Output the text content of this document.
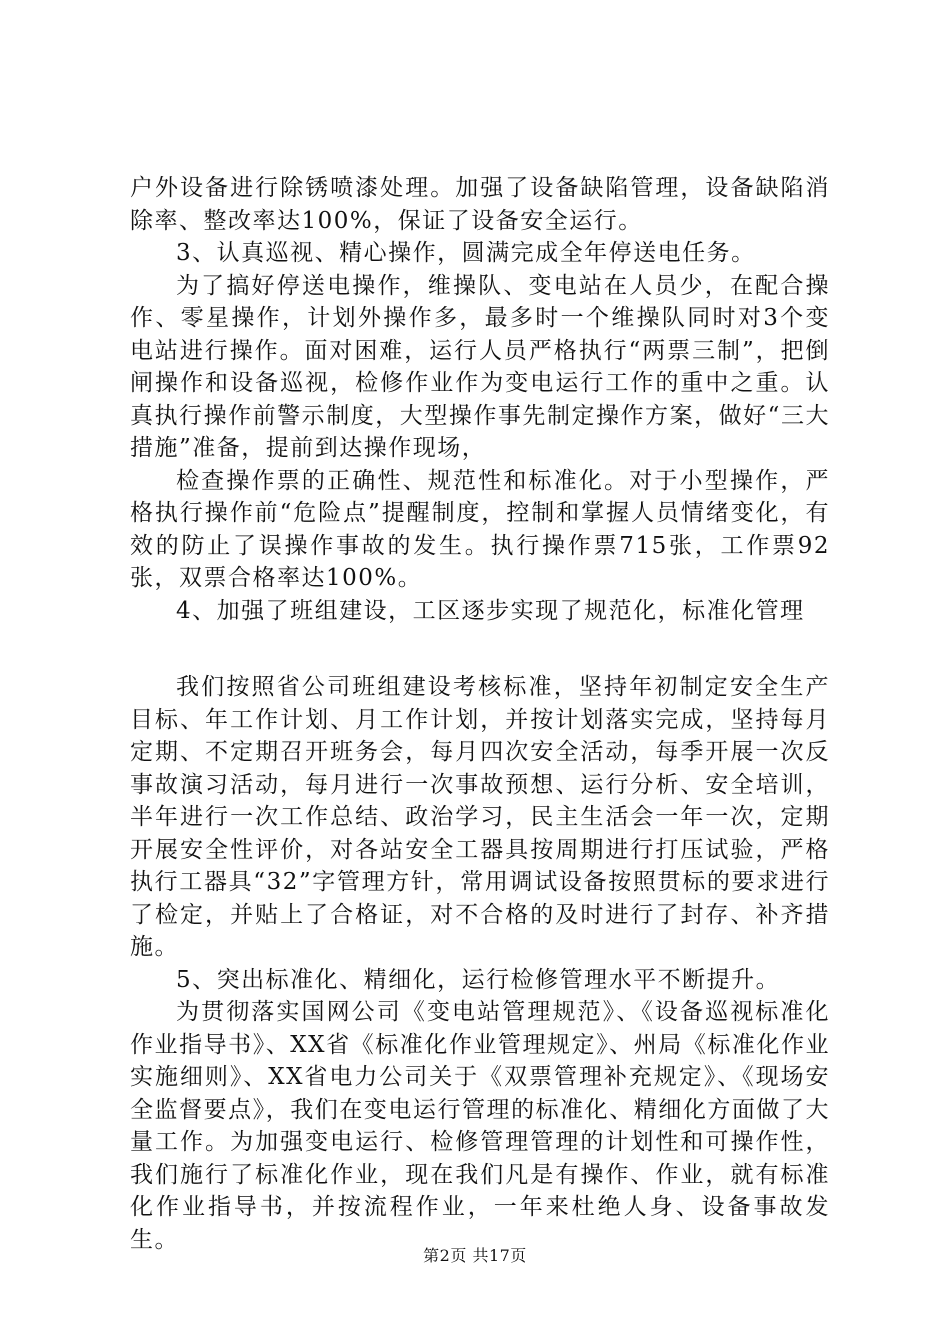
户外设备进行除锈喷漆处理。加强了设备缺陷管理，设备缺陷消除率、整改率达100%，保证了设备安全运行。

3、认真巡视、精心操作，圆满完成全年停送电任务。

为了搞好停送电操作，维操队、变电站在人员少，在配合操作、零星操作，计划外操作多，最多时一个维操队同时对3个变电站进行操作。面对困难，运行人员严格执行“两票三制”，把倒闸操作和设备巡视，检修作业作为变电运行工作的重中之重。认真执行操作前警示制度，大型操作事先制定操作方案，做好“三大措施”准备，提前到达操作现场，

检查操作票的正确性、规范性和标准化。对于小型操作，严格执行操作前“危险点”提醒制度，控制和掌握人员情绪变化，有效的防止了误操作事故的发生。执行操作票715张，工作票92张，双票合格率达100%。

4、加强了班组建设，工区逐步实现了规范化，标准化管理

我们按照省公司班组建设考核标准，坚持年初制定安全生产目标、年工作计划、月工作计划，并按计划落实完成，坚持每月定期、不定期召开班务会，每月四次安全活动，每季开展一次反事故演习活动，每月进行一次事故预想、运行分析、安全培训，半年进行一次工作总结、政治学习，民主生活会一年一次，定期开展安全性评价，对各站安全工器具按周期进行打压试验，严格执行工器具“32”字管理方针，常用调试设备按照贯标的要求进行了检定，并贴上了合格证，对不合格的及时进行了封存、补齐措施。

5、突出标准化、精细化，运行检修管理水平不断提升。

为贯彻落实国网公司《变电站管理规范》、《设备巡视标准化作业指导书》、XX省《标准化作业管理规定》、州局《标准化作业实施细则》、XX省电力公司关于《双票管理补充规定》、《现场安全监督要点》，我们在变电运行管理的标准化、精细化方面做了大量工作。为加强变电运行、检修管理管理的计划性和可操作性，我们施行了标准化作业，现在我们凡是有操作、作业，就有标准化作业指导书，并按流程作业，一年来杜绝人身、设备事故发生。

第2页 共17页
